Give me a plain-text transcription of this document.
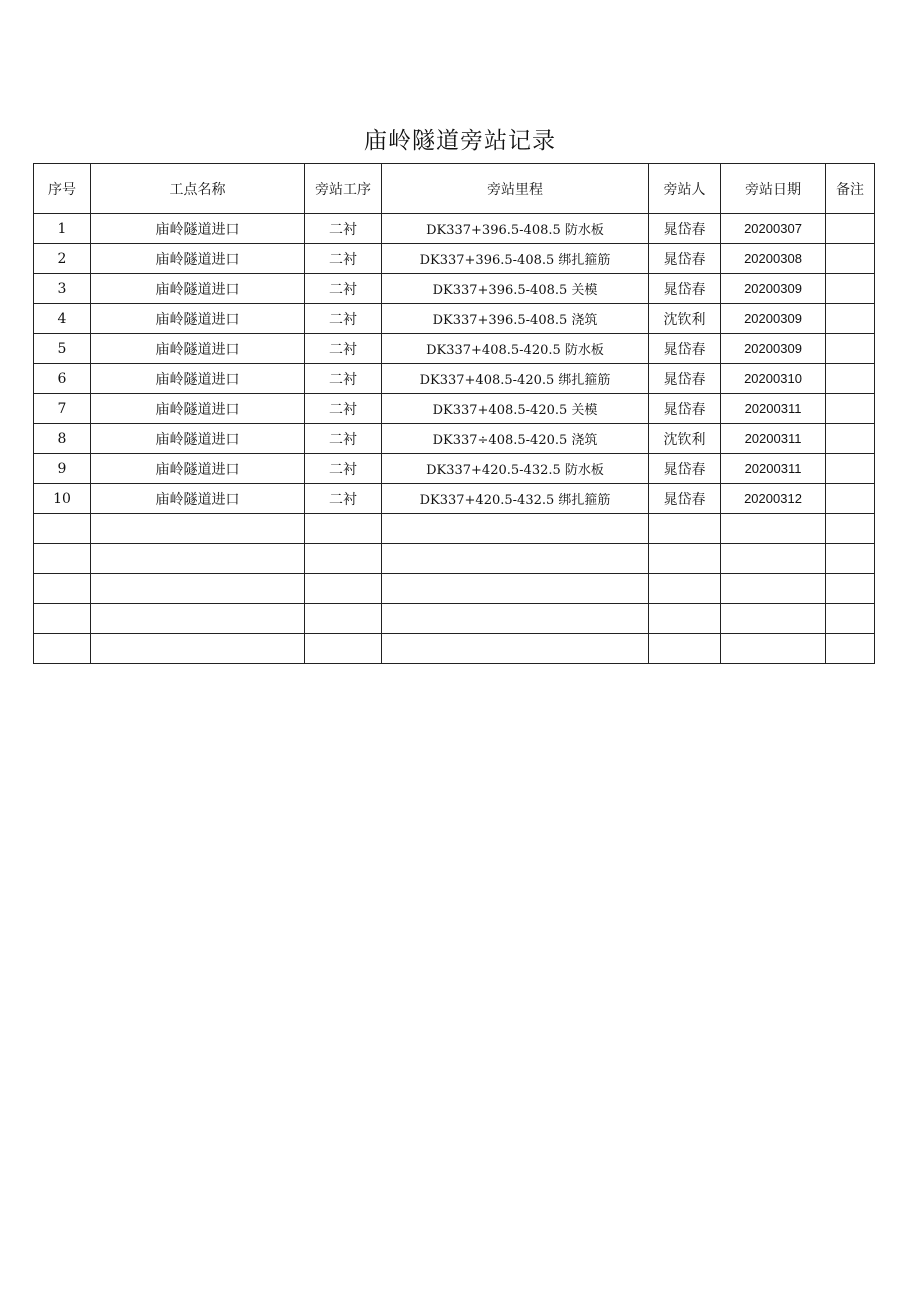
庙岭隧道旁站记录
序号	工点名称	旁站工序	旁站里程	旁站人	旁站日期	备注
1	庙岭隧道进口	二衬	DK337+396.5-408.5 防水板	晁岱春	20200307	
2	庙岭隧道进口	二衬	DK337+396.5-408.5 绑扎箍筋	晁岱春	20200308	
3	庙岭隧道进口	二衬	DK337+396.5-408.5 关模	晁岱春	20200309	
4	庙岭隧道进口	二衬	DK337+396.5-408.5 浇筑	沈钦利	20200309	
5	庙岭隧道进口	二衬	DK337+408.5-420.5 防水板	晁岱春	20200309	
6	庙岭隧道进口	二衬	DK337+408.5-420.5 绑扎箍筋	晁岱春	20200310	
7	庙岭隧道进口	二衬	DK337+408.5-420.5 关模	晁岱春	20200311	
8	庙岭隧道进口	二衬	DK337÷408.5-420.5 浇筑	沈钦利	20200311	
9	庙岭隧道进口	二衬	DK337+420.5-432.5 防水板	晁岱春	20200311	
10	庙岭隧道进口	二衬	DK337+420.5-432.5 绑扎箍筋	晁岱春	20200312	
